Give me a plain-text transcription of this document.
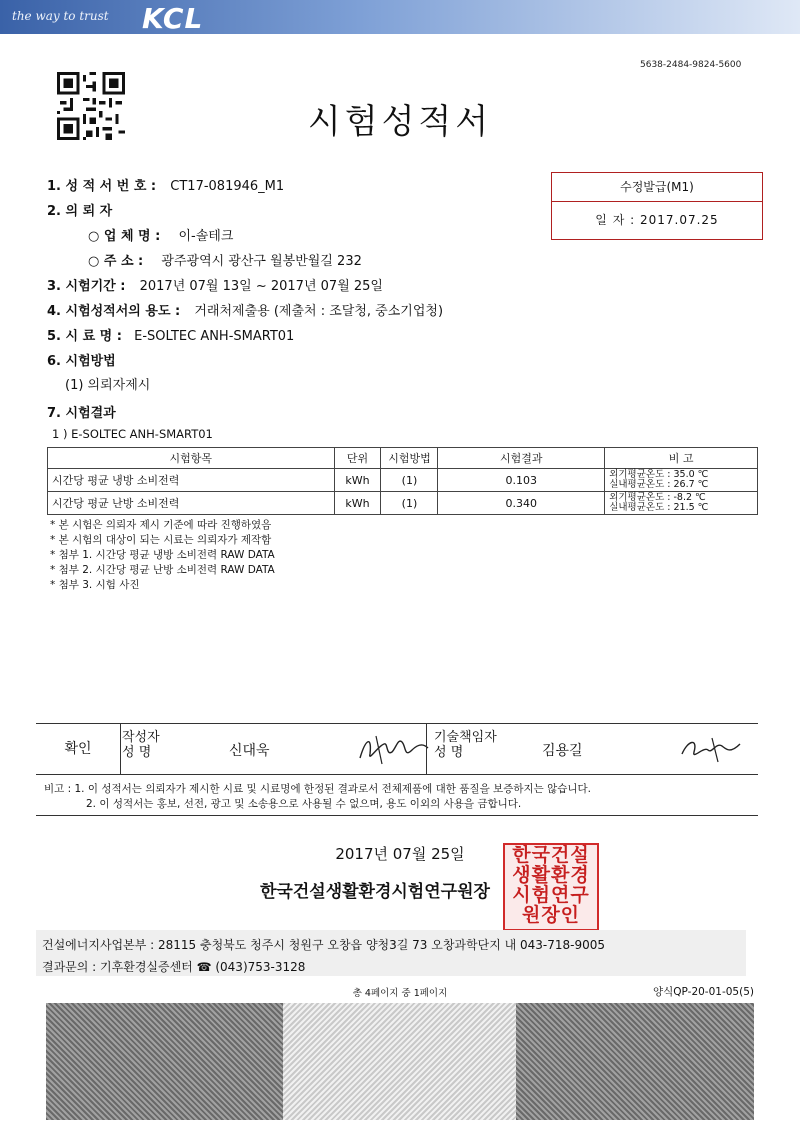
the way to trust KCL
5638-2484-9824-5600
시험성적서
수정발급(M1)
일 자 : 2017.07.25
1. 성 적 서 번 호 : CT17-081946_M1
2. 의 뢰 자
○ 업 체 명 : 이-솔테크
○ 주 소 : 광주광역시 광산구 월봉반월길 232
3. 시험기간 : 2017년 07월 13일 ~ 2017년 07월 25일
4. 시험성적서의 용도 : 거래처제출용 (제출처 : 조달청, 중소기업청)
5. 시 료 명 : E-SOLTEC ANH-SMART01
6. 시험방법
(1) 의뢰자제시
7. 시험결과
1 ) E-SOLTEC ANH-SMART01
시험항목	단위	시험방법	시험결과	비 고
시간당 평균 냉방 소비전력	kWh	(1)	0.103	외기평균온도 : 35.0 ℃
실내평균온도 : 26.7 ℃

시간당 평균 난방 소비전력	kWh	(1)	0.340	외기평균온도 : -8.2 ℃
실내평균온도 : 21.5 ℃
* 본 시험은 의뢰자 제시 기준에 따라 진행하였음
* 본 시험의 대상이 되는 시료는 의뢰자가 제작함
* 첨부 1. 시간당 평균 냉방 소비전력 RAW DATA
* 첨부 2. 시간당 평균 난방 소비전력 RAW DATA
* 첨부 3. 시험 사진
확인
작성자
성 명	신대욱
기술책임자
성 명	김용길
비고 : 1. 이 성적서는 의뢰자가 제시한 시료 및 시료명에 한정된 결과로서 전체제품에 대한 품질을 보증하지는 않습니다.
2. 이 성적서는 홍보, 선전, 광고 및 소송용으로 사용될 수 없으며, 용도 이외의 사용을 금합니다.
2017년 07월 25일
한국건설생활환경시험연구원장
한국건설생활환경시험연구원장인
건설에너지사업본부 : 28115 충청북도 청주시 청원구 오창읍 양청3길 73 오창과학단지 내 043-718-9005
결과문의 : 기후환경실증센터 ☎ (043)753-3128
총 4페이지 중 1페이지	양식QP-20-01-05(5)
